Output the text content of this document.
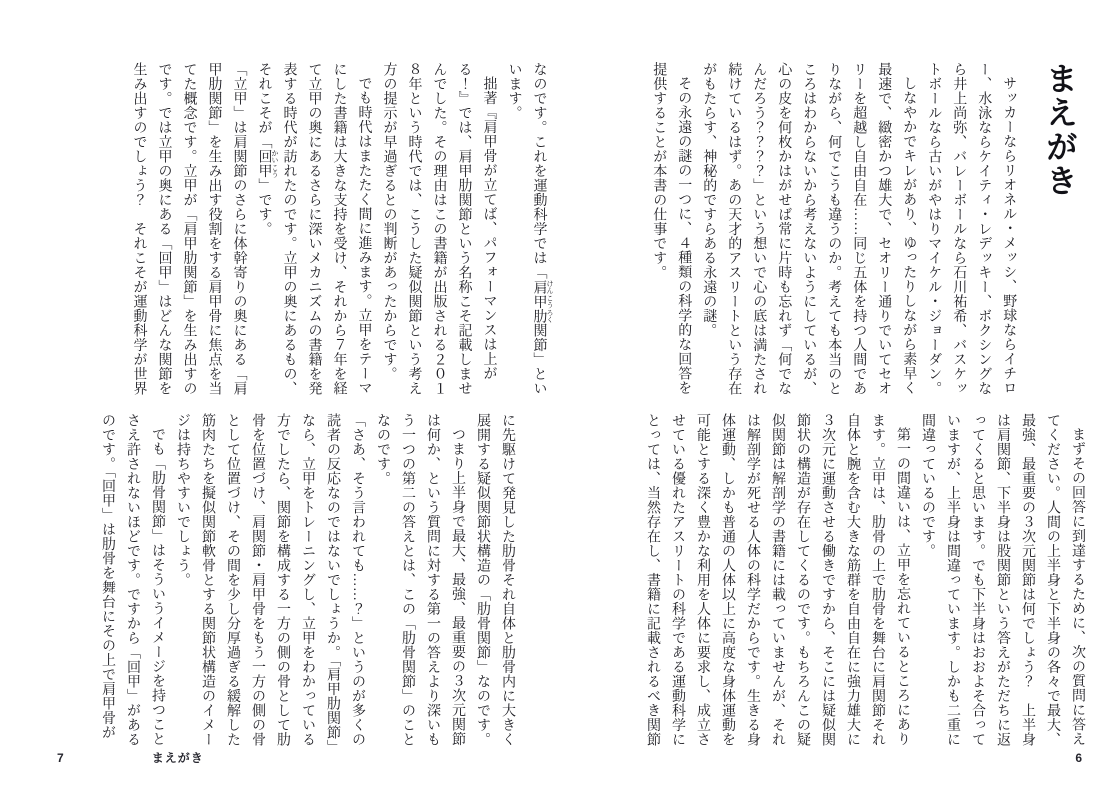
なのです。これを運動科学では「肩甲肋 けんこうろく関節」といいます。

拙著『肩甲骨が立てば、パフォーマンスは上がる！』では、肩甲肋関節という名称こそ記載しませんでした。その理由はこの書籍が出版される２０１８年という時代では、こうした疑似関節という考え方の提示が早過ぎるとの判断があったからです。

でも時代はまたたく間に進みます。立甲をテーマにした書籍は大きな支持を受け、それから７年を経て立甲の奥にあるさらに深いメカニズムの書籍を発表する時代が訪れたのです。立甲の奥にあるもの、それこそが「回甲 かいこう」です。

「立甲」は肩関節のさらに体幹寄りの奥にある「肩甲肋関節」を生み出す役割をする肩甲骨に焦点を当てた概念です。立甲が「肩甲肋関節」を生み出すのです。では立甲の奥にある「回甲」はどんな関節を生み出すのでしょう？　それこそが運動科学が世界

に先駆けて発見した肋骨それ自体と肋骨内に大きく展開する疑似関節状構造の「肋骨関節」なのです。

つまり上半身で最大、最強、最重要の３次元関節は何か、という質問に対する第一の答えより深いもう一つの第二の答えとは、この「肋骨関節」のことなのです。

「さあ、そう言われても……？」というのが多くの読者の反応なのではないでしょうか。「肩甲肋関節」なら、立甲をトレーニングし、立甲をわかっている方でしたら、関節を構成する一方の側の骨として肋骨を位置づけ、肩関節・肩甲骨をもう一方の側の骨として位置づけ、その間を少し分厚過ぎる緩解した筋肉たちを擬似関節軟骨とする関節状構造のイメージは持ちやすいでしょう。

でも「肋骨関節」はそういうイメージを持つことさえ許されないほどです。ですから「回甲」があるのです。「回甲」は肋骨を舞台にその上で肩甲骨が

7	まえがき
まえがき

サッカーならリオネル・メッシ、野球ならイチロー、水泳ならケイティ・レデッキー、ボクシングなら井上尚弥、バレーボールなら石川祐希、バスケットボールなら古いがやはりマイケル・ジョーダン。

しなやかでキレがあり、ゆったりしながら素早く最速で、緻密かつ雄大で、セオリー通りでいてセオリーを超越し自由自在……同じ五体を持つ人間でありながら、何でこうも違うのか。考えても本当のところはわからないから考えないようにしているが、心の皮を何枚かはがせば常に片時も忘れず「何でなんだろう？？？？」という想いで心の底は満たされ続けているはず。あの天才的アスリートという存在がもたらす、神秘的ですらある永遠の謎。

その永遠の謎の一つに、４種類の科学的な回答を提供することが本書の仕事です。

まずその回答に到達するために、次の質問に答えてください。人間の上半身と下半身の各々で最大、最強、最重要の３次元関節は何でしょう？　上半身は肩関節、下半身は股関節という答えがただちに返ってくると思います。でも下半身はおおよそ合っていますが、上半身は間違っています。しかも二重に間違っているのです。

第一の間違いは、立甲を忘れているところにあります。立甲は、肋骨の上で肋骨を舞台に肩関節それ自体と腕を含む大きな筋群を自由自在に強力雄大に３次元に運動させる働きですから、そこには疑似関節状の構造が存在してくるのです。もちろんこの疑似関節は解剖学の書籍には載っていませんが、それは解剖学が死せる人体の科学だからです。生きる身体運動、しかも普通の人体以上に高度な身体運動を可能とする深く豊かな利用を人体に要求し、成立させている優れたアスリートの科学である運動科学にとっては、当然存在し、書籍に記載されるべき関節

6
